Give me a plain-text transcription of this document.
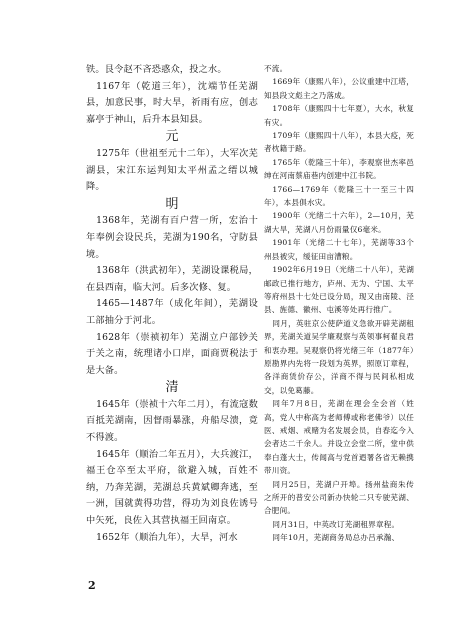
铁。艮令赵不吝恐惑众，投之水。

1167年（乾道三年），沈端节任芜湖县，加意民事，时大旱，祈雨有应，创志嘉亭于神山，后升本县知县。

元

1275年（世祖至元十二年），大军次芜湖县，宋江东运判知太平州孟之缙以城降。

明

1368年，芜湖有百户营一所，宏治十年奉例会设民兵，芜湖为190名，守防县境。

1368年（洪武初年），芜湖设课税局，在县西南，临大河。后多次修、复。

1465—1487年（成化年间），芜湖设工部抽分于河北。

1628年（崇祯初年）芜湖立户部钞关于关之南，统理诸小口岸，面商贾税法于是大备。

清

1645年（崇祯十六年二月），有流寇数百抵芜湖南，因督雨暴涨，舟船尽溃，竟不得渡。

1645年（顺治二年五月），大兵渡江，福王仓卒至太平府，欲避入城，百姓不纳，乃奔芜湖，芜湖总兵黄斌卿奔逃，至一洲，国就黄得功营，得功为刘良佐诱号中矢死，良佐入其营执福王回南京。

1652年（顺治九年），大旱，河水

不流。

1669年（康熙八年），公议重建中江塔，知县段文彪主之乃落成。

1708年（康熙四十七年夏），大水，秋复有灾。

1709年（康熙四十八年），本县大疫，死者枕籍于路。

1765年（乾隆三十年），李观察世杰率邑绅在河南蔡庙巷内创建中江书院。

1766—1769年（乾隆三十一至三十四年），本县俱水灾。

1900年（光绪二十六年），2—10月，芜湖大旱，芜湖八月份雨量仅6毫米。

1901年（光绪二十七年），芜湖等33个州县被灾，缓征田亩漕粮。

1902年6月19日（光绪二十八年），芜湖邮政已推行地方，庐州、无为、宁国、太平等府州县十七处已设分局，现又由南陵、泾县、旌德、徽州、屯溪等处再行推广。

同月，英驻京公使萨道义急欲开辟芜湖租界，芜湖关道吴学廉观察与英领事柯翟良君和衷办理。吴观察仍将光绪三年（1877年）原勘界内先将一段划为英界，照原订章程，各洋商赁价存公，洋商不得与民间私相成交，以免葛藤。

同年7月8日，芜湖在理会全会首（姓高，党人中称高为老师傅或称老佛爷）以任医、戒烟、戒赌为名发展会员，自春迄今入会者达二千余人。并设立会堂二所，堂中供奉白蓬大士，传闻高与党首迺署各省无赖携带川资。

同月25日，芜湖户开埠。扬州盐商朱传之所开的普安公司新办快轮二只专驶芜湖、合肥间。

同月31日，中英改订芜湖租界章程。

同年10月，芜湖商务局总办吕承瀚、

2
